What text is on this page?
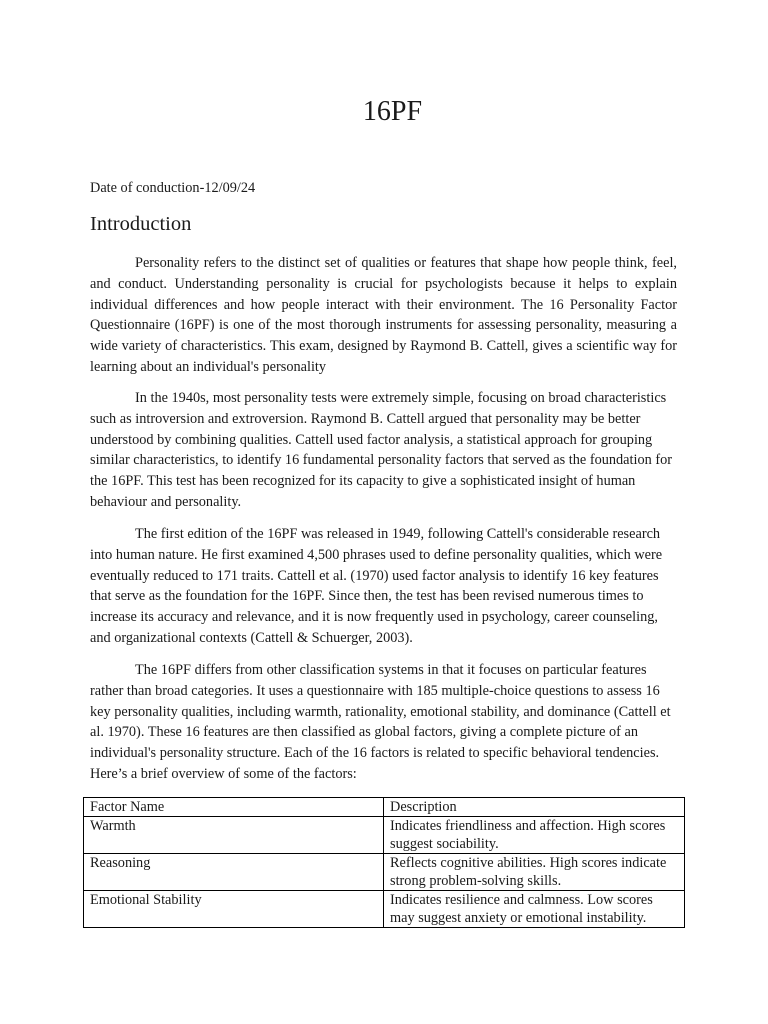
16PF

Date of conduction-12/09/24

Introduction

Personality refers to the distinct set of qualities or features that shape how people think, feel, and conduct. Understanding personality is crucial for psychologists because it helps to explain individual differences and how people interact with their environment. The 16 Personality Factor Questionnaire (16PF) is one of the most thorough instruments for assessing personality, measuring a wide variety of characteristics. This exam, designed by Raymond B. Cattell, gives a scientific way for learning about an individual's personality

In the 1940s, most personality tests were extremely simple, focusing on broad characteristics such as introversion and extroversion. Raymond B. Cattell argued that personality may be better understood by combining qualities. Cattell used factor analysis, a statistical approach for grouping similar characteristics, to identify 16 fundamental personality factors that served as the foundation for the 16PF. This test has been recognized for its capacity to give a sophisticated insight of human behaviour and personality.

The first edition of the 16PF was released in 1949, following Cattell's considerable research into human nature. He first examined 4,500 phrases used to define personality qualities, which were eventually reduced to 171 traits. Cattell et al. (1970) used factor analysis to identify 16 key features that serve as the foundation for the 16PF. Since then, the test has been revised numerous times to increase its accuracy and relevance, and it is now frequently used in psychology, career counseling, and organizational contexts (Cattell & Schuerger, 2003).

The 16PF differs from other classification systems in that it focuses on particular features rather than broad categories. It uses a questionnaire with 185 multiple-choice questions to assess 16 key personality qualities, including warmth, rationality, emotional stability, and dominance (Cattell et al. 1970). These 16 features are then classified as global factors, giving a complete picture of an individual's personality structure. Each of the 16 factors is related to specific behavioral tendencies. Here’s a brief overview of some of the factors:

Factor Name	Description
Warmth	Indicates friendliness and affection. High scores suggest sociability.
Reasoning	Reflects cognitive abilities. High scores indicate strong problem-solving skills.
Emotional Stability	Indicates resilience and calmness. Low scores may suggest anxiety or emotional instability.
